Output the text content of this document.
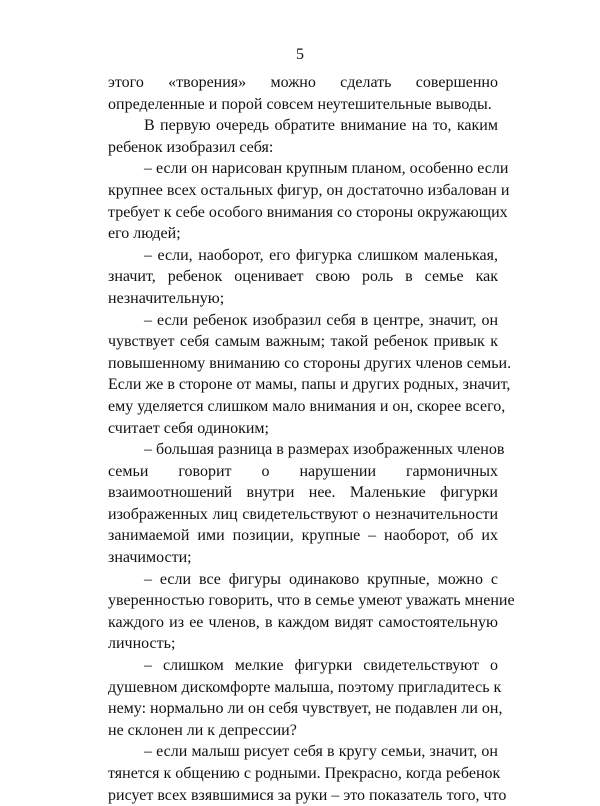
5
этого «творения» можно сделать совершенно
определенные и порой совсем неутешительные выводы.
В первую очередь обратите внимание на то, каким
ребенок изобразил себя:
– если он нарисован крупным планом, особенно если
крупнее всех остальных фигур, он достаточно избалован и
требует к себе особого внимания со стороны окружающих
его людей;
– если, наоборот, его фигурка слишком маленькая,
значит, ребенок оценивает свою роль в семье как
незначительную;
– если ребенок изобразил себя в центре, значит, он
чувствует себя самым важным; такой ребенок привык к
повышенному вниманию со стороны других членов семьи.
Если же в стороне от мамы, папы и других родных, значит,
ему уделяется слишком мало внимания и он, скорее всего,
считает себя одиноким;
– большая разница в размерах изображенных членов
семьи говорит о нарушении гармоничных
взаимоотношений внутри нее. Маленькие фигурки
изображенных лиц свидетельствуют о незначительности
занимаемой ими позиции, крупные – наоборот, об их
значимости;
– если все фигуры одинаково крупные, можно с
уверенностью говорить, что в семье умеют уважать мнение
каждого из ее членов, в каждом видят самостоятельную
личность;
– слишком мелкие фигурки свидетельствуют о
душевном дискомфорте малыша, поэтому пригладитесь к
нему: нормально ли он себя чувствует, не подавлен ли он,
не склонен ли к депрессии?
– если малыш рисует себя в кругу семьи, значит, он
тянется к общению с родными. Прекрасно, когда ребенок
рисует всех взявшимися за руки – это показатель того, что
